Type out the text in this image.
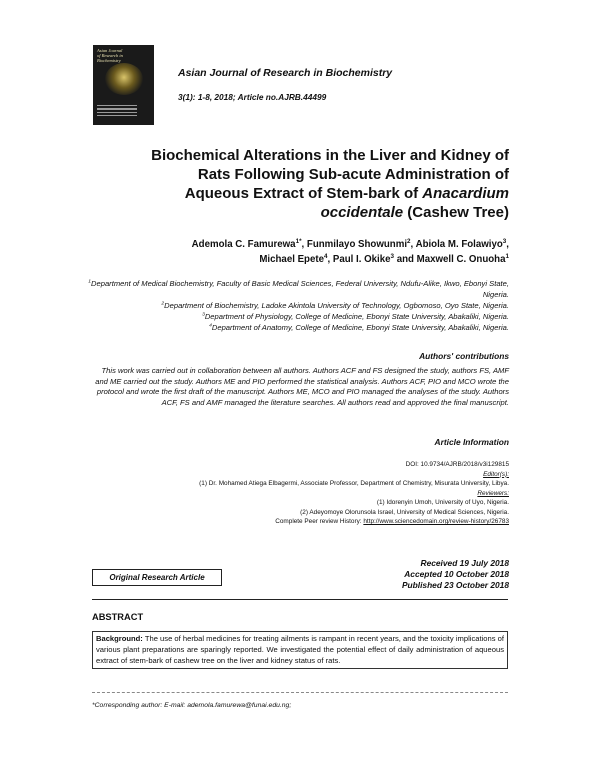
Asian Journal
of Research in
Biochemistry
Asian Journal of Research in Biochemistry
3(1): 1-8, 2018; Article no.AJRB.44499
Biochemical Alterations in the Liver and Kidney of
Rats Following Sub-acute Administration of
Aqueous Extract of Stem-bark of Anacardium
occidentale (Cashew Tree)
Ademola C. Famurewa$^{1*}$, Funmilayo Showunmi$^2$, Abiola M. Folawiyo$^3$,
Michael Epete$^4$, Paul I. Okike$^3$ and Maxwell C. Onuoha$^1$
$^1$Department of Medical Biochemistry, Faculty of Basic Medical Sciences, Federal University, Ndufu-Alike, Ikwo, Ebonyi State, Nigeria.
$^2$Department of Biochemistry, Ladoke Akintola University of Technology, Ogbomoso, Oyo State, Nigeria.
$^3$Department of Physiology, College of Medicine, Ebonyi State University, Abakaliki, Nigeria.
$^4$Department of Anatomy, College of Medicine, Ebonyi State University, Abakaliki, Nigeria.
Authors' contributions
This work was carried out in collaboration between all authors. Authors ACF and FS designed the study, authors FS, AMF and ME carried out the study. Authors ME and PIO performed the statistical analysis. Authors ACF, PIO and MCO wrote the protocol and wrote the first draft of the manuscript. Authors ME, MCO and PIO managed the analyses of the study. Authors ACF, FS and AMF managed the literature searches. All authors read and approved the final manuscript.
Article Information
DOI: 10.9734/AJRB/2018/v3i129815
Editor(s):
(1) Dr. Mohamed Atiega Elbagermi, Associate Professor, Department of Chemistry, Misurata University, Libya.
Reviewers:
(1) Idorenyin Umoh, University of Uyo, Nigeria.
(2) Adeyomoye Olorunsola Israel, University of Medical Sciences, Nigeria.
Complete Peer review History: http://www.sciencedomain.org/review-history/26783
Received 19 July 2018
Accepted 10 October 2018
Published 23 October 2018
Original Research Article
ABSTRACT
Background: The use of herbal medicines for treating ailments is rampant in recent years, and the toxicity implications of various plant preparations are sparingly reported. We investigated the potential effect of daily administration of aqueous extract of stem-bark of cashew tree on the liver and kidney status of rats.
*Corresponding author: E-mail: ademola.famurewa@funai.edu.ng;
